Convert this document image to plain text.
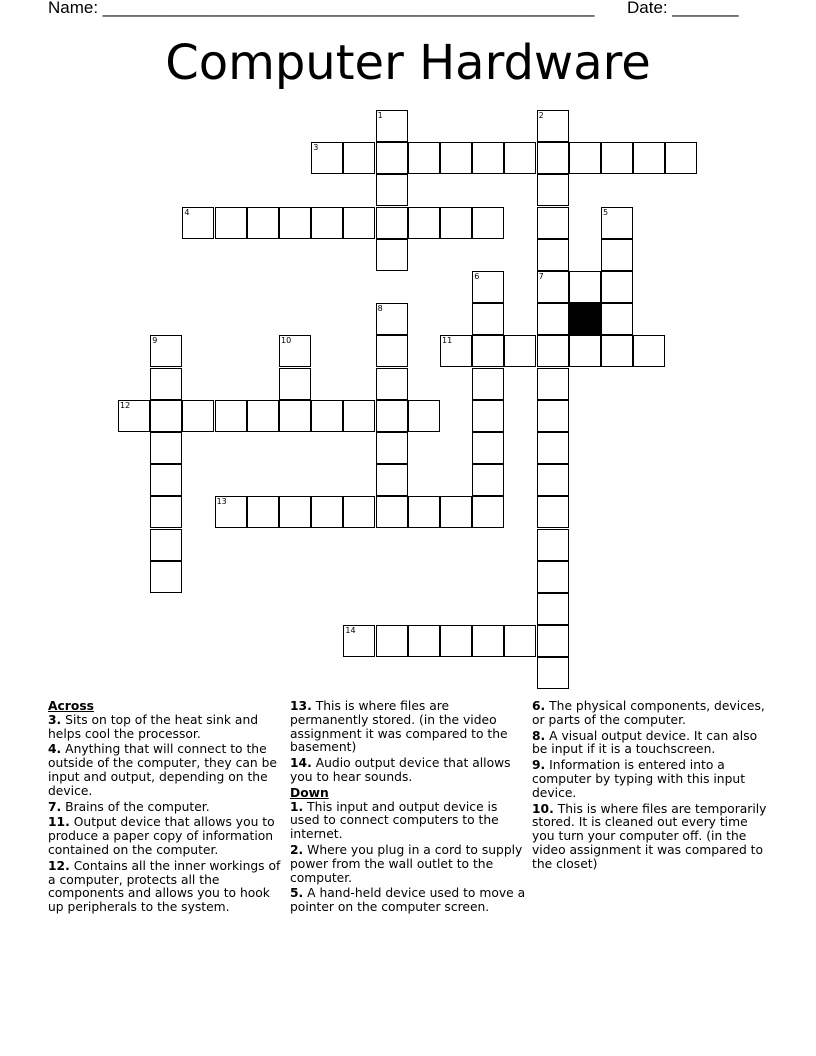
Name: ____________________________________________________ Date: _______
Computer Hardware
1	2
7
3
4	5
6
8
9	10	11
12
13
14
Across
3. Sits on top of the heat sink and helps cool the processor.
4. Anything that will connect to the outside of the computer, they can be input and output, depending on the device.
7. Brains of the computer.
11. Output device that allows you to produce a paper copy of information contained on the computer.
12. Contains all the inner workings of a computer, protects all the components and allows you to hook up peripherals to the system.
13. This is where files are permanently stored. (in the video assignment it was compared to the basement)
14. Audio output device that allows you to hear sounds.
Down
1. This input and output device is used to connect computers to the internet.
2. Where you plug in a cord to supply power from the wall outlet to the computer.
5. A hand-held device used to move a pointer on the computer screen.
6. The physical components, devices, or parts of the computer.
8. A visual output device. It can also be input if it is a touchscreen.
9. Information is entered into a computer by typing with this input device.
10. This is where files are temporarily stored. It is cleaned out every time you turn your computer off. (in the video assignment it was compared to the closet)
